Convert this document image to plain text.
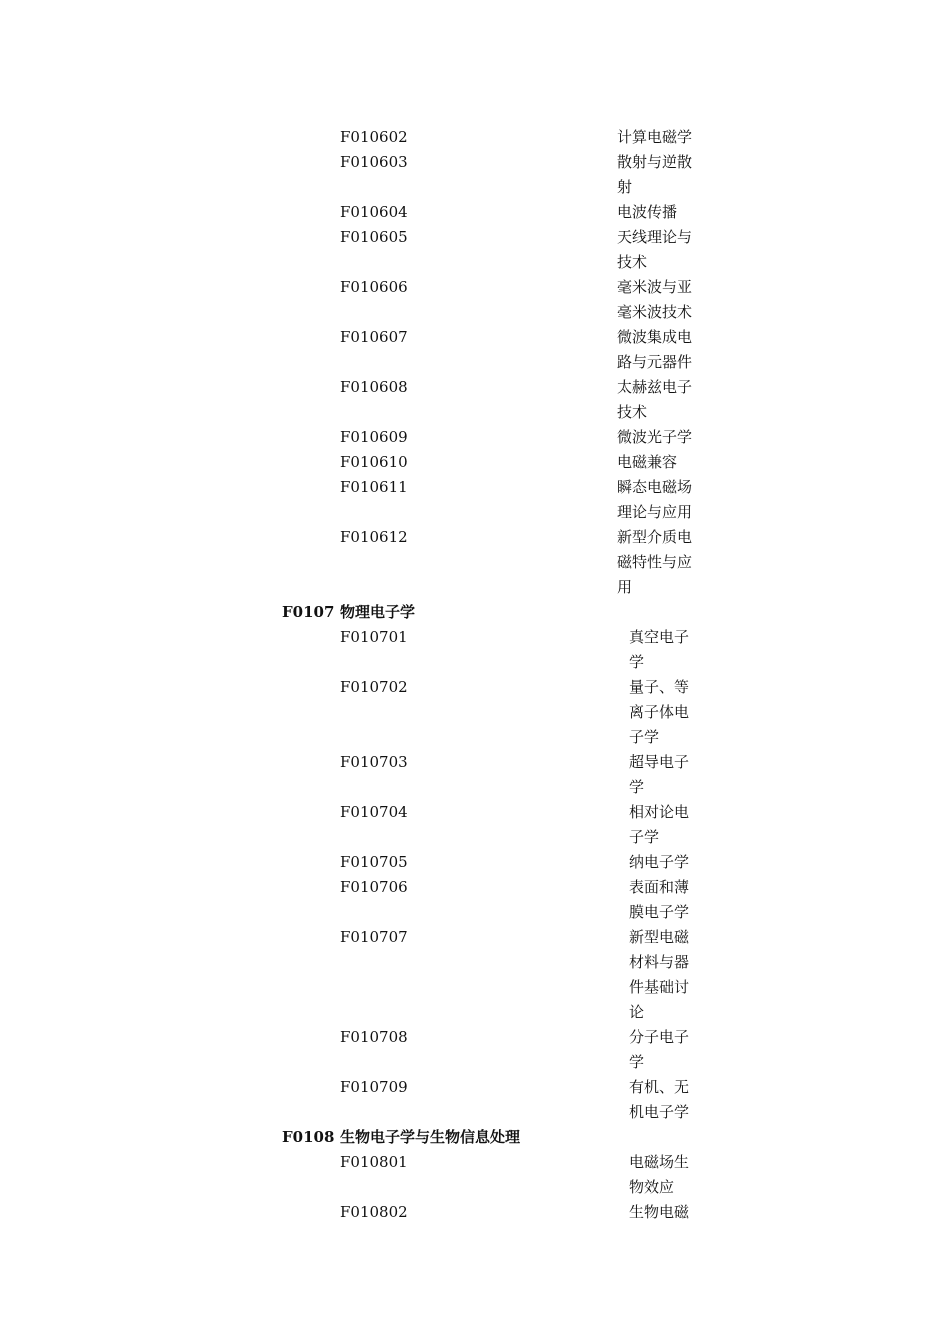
F010602	计算电磁学
F010603	散射与逆散
射
F010604	电波传播
F010605	天线理论与
技术
F010606	毫米波与亚
毫米波技术
F010607	微波集成电
路与元器件
F010608	太赫兹电子
技术
F010609	微波光子学
F010610	电磁兼容
F010611	瞬态电磁场
理论与应用
F010612	新型介质电
磁特性与应
用
F0107 物理电子学
F010701	真空电子
学
F010702	量子、等
离子体电
子学
F010703	超导电子
学
F010704	相对论电
子学
F010705	纳电子学
F010706	表面和薄
膜电子学
F010707	新型电磁
材料与器
件基础讨
论
F010708	分子电子
学
F010709	有机、无
机电子学
F0108 生物电子学与生物信息处理
F010801	电磁场生
物效应
F010802	生物电磁
